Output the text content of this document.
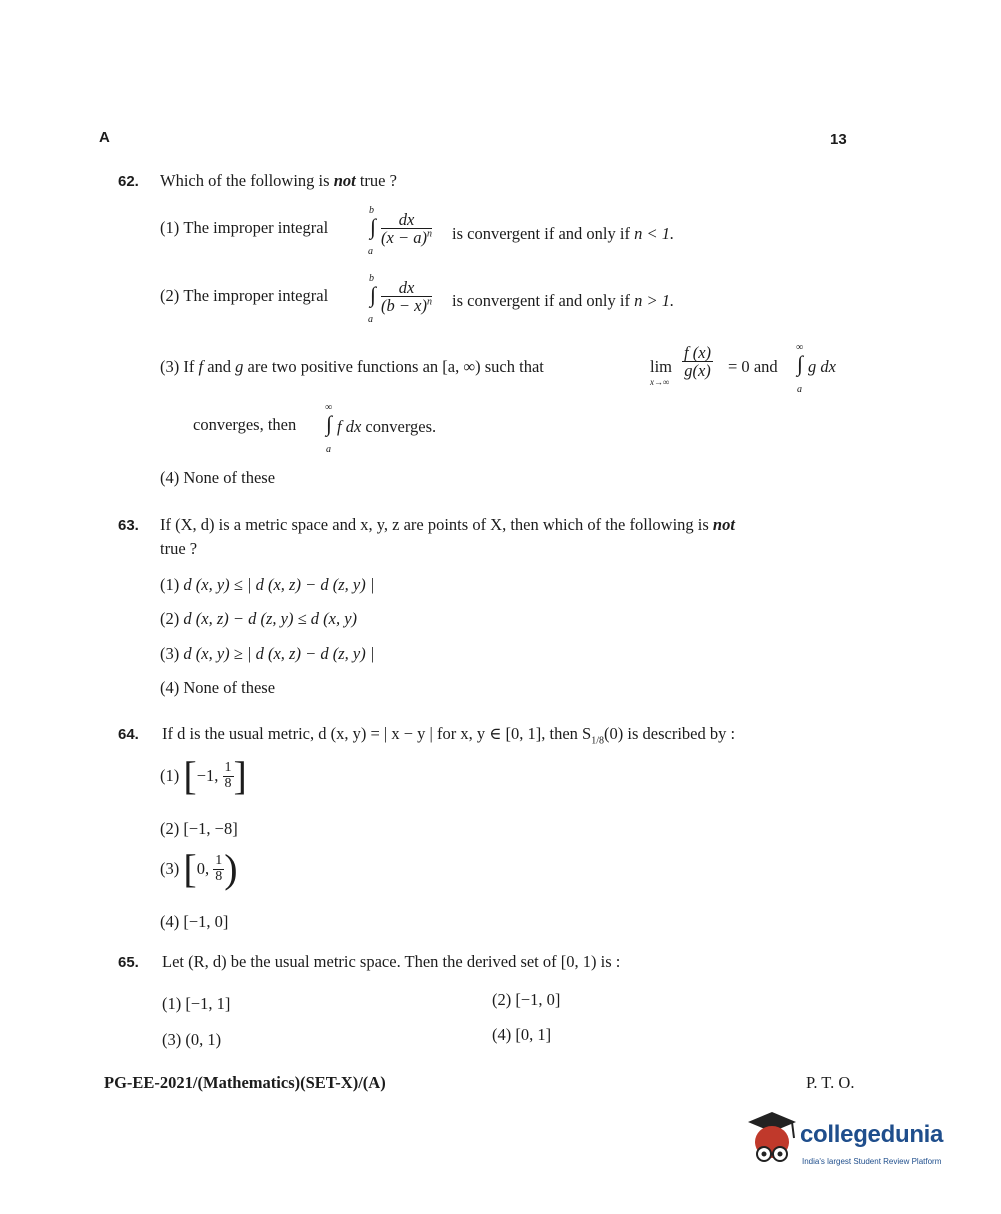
A	13
62. Which of the following is not true ?
(1) The improper integral
b
∫
a
$\frac{dx}{(x - a)^n}$ is convergent if and only if n < 1.
(2) The improper integral
b
∫
a
$\frac{dx}{(b - x)^n}$ is convergent if and only if n > 1.
(3) If f and g are two positive functions an [a, ∞) such that	lim
x→∞
$\frac{f (x)}{g(x)} = 0$ and
∞
∫
a
g dx
converges, then
∞
∫
a
f dx converges.
(4) None of these
63. If (X, d) is a metric space and x, y, z are points of X, then which of the following is not
true ?
(1) d (x, y) ≤ | d (x, z) − d (z, y) |
(2) d (x, z) − d (z, y) ≤ d (x, y)
(3) d (x, y) ≥ | d (x, z) − d (z, y) |
(4) None of these
64. If d is the usual metric, d (x, y) = | x − y | for x, y ∈ [0, 1], then $S_{1/8}(0)$ is described by :
(1) [−1, $\frac{1}{8}$ ]
(2) [−1, −8]
(3) [0, $\frac{1}{8}$ )
(4) [−1, 0]
65. Let (R, d) be the usual metric space. Then the derived set of [0, 1) is :
(1) [−1, 1]	(2) [−1, 0]
(3) (0, 1)	(4) [0, 1]
PG-EE-2021/(Mathematics)(SET-X)/(A)	P. T. O.
collegedunia
India's largest Student Review Platform
